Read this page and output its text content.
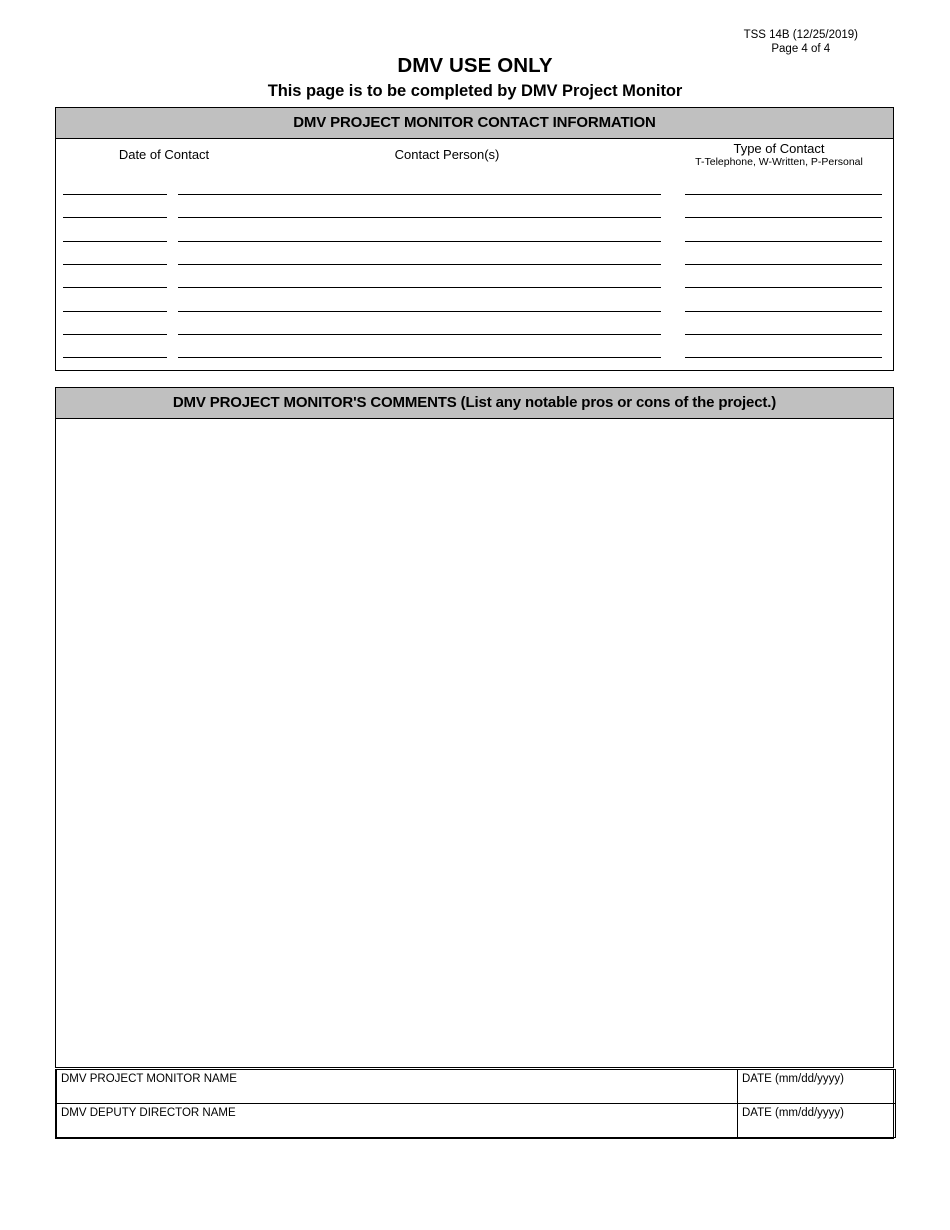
TSS 14B (12/25/2019)
Page 4 of 4
DMV USE ONLY
This page is to be completed by DMV Project Monitor
DMV PROJECT MONITOR CONTACT INFORMATION
Date of Contact	Contact Person(s)	Type of Contact
T-Telephone, W-Written, P-Personal
DMV PROJECT MONITOR'S COMMENTS (List any notable pros or cons of the project.)
DMV PROJECT MONITOR NAME	DATE (mm/dd/yyyy)
DMV DEPUTY DIRECTOR NAME	DATE (mm/dd/yyyy)
